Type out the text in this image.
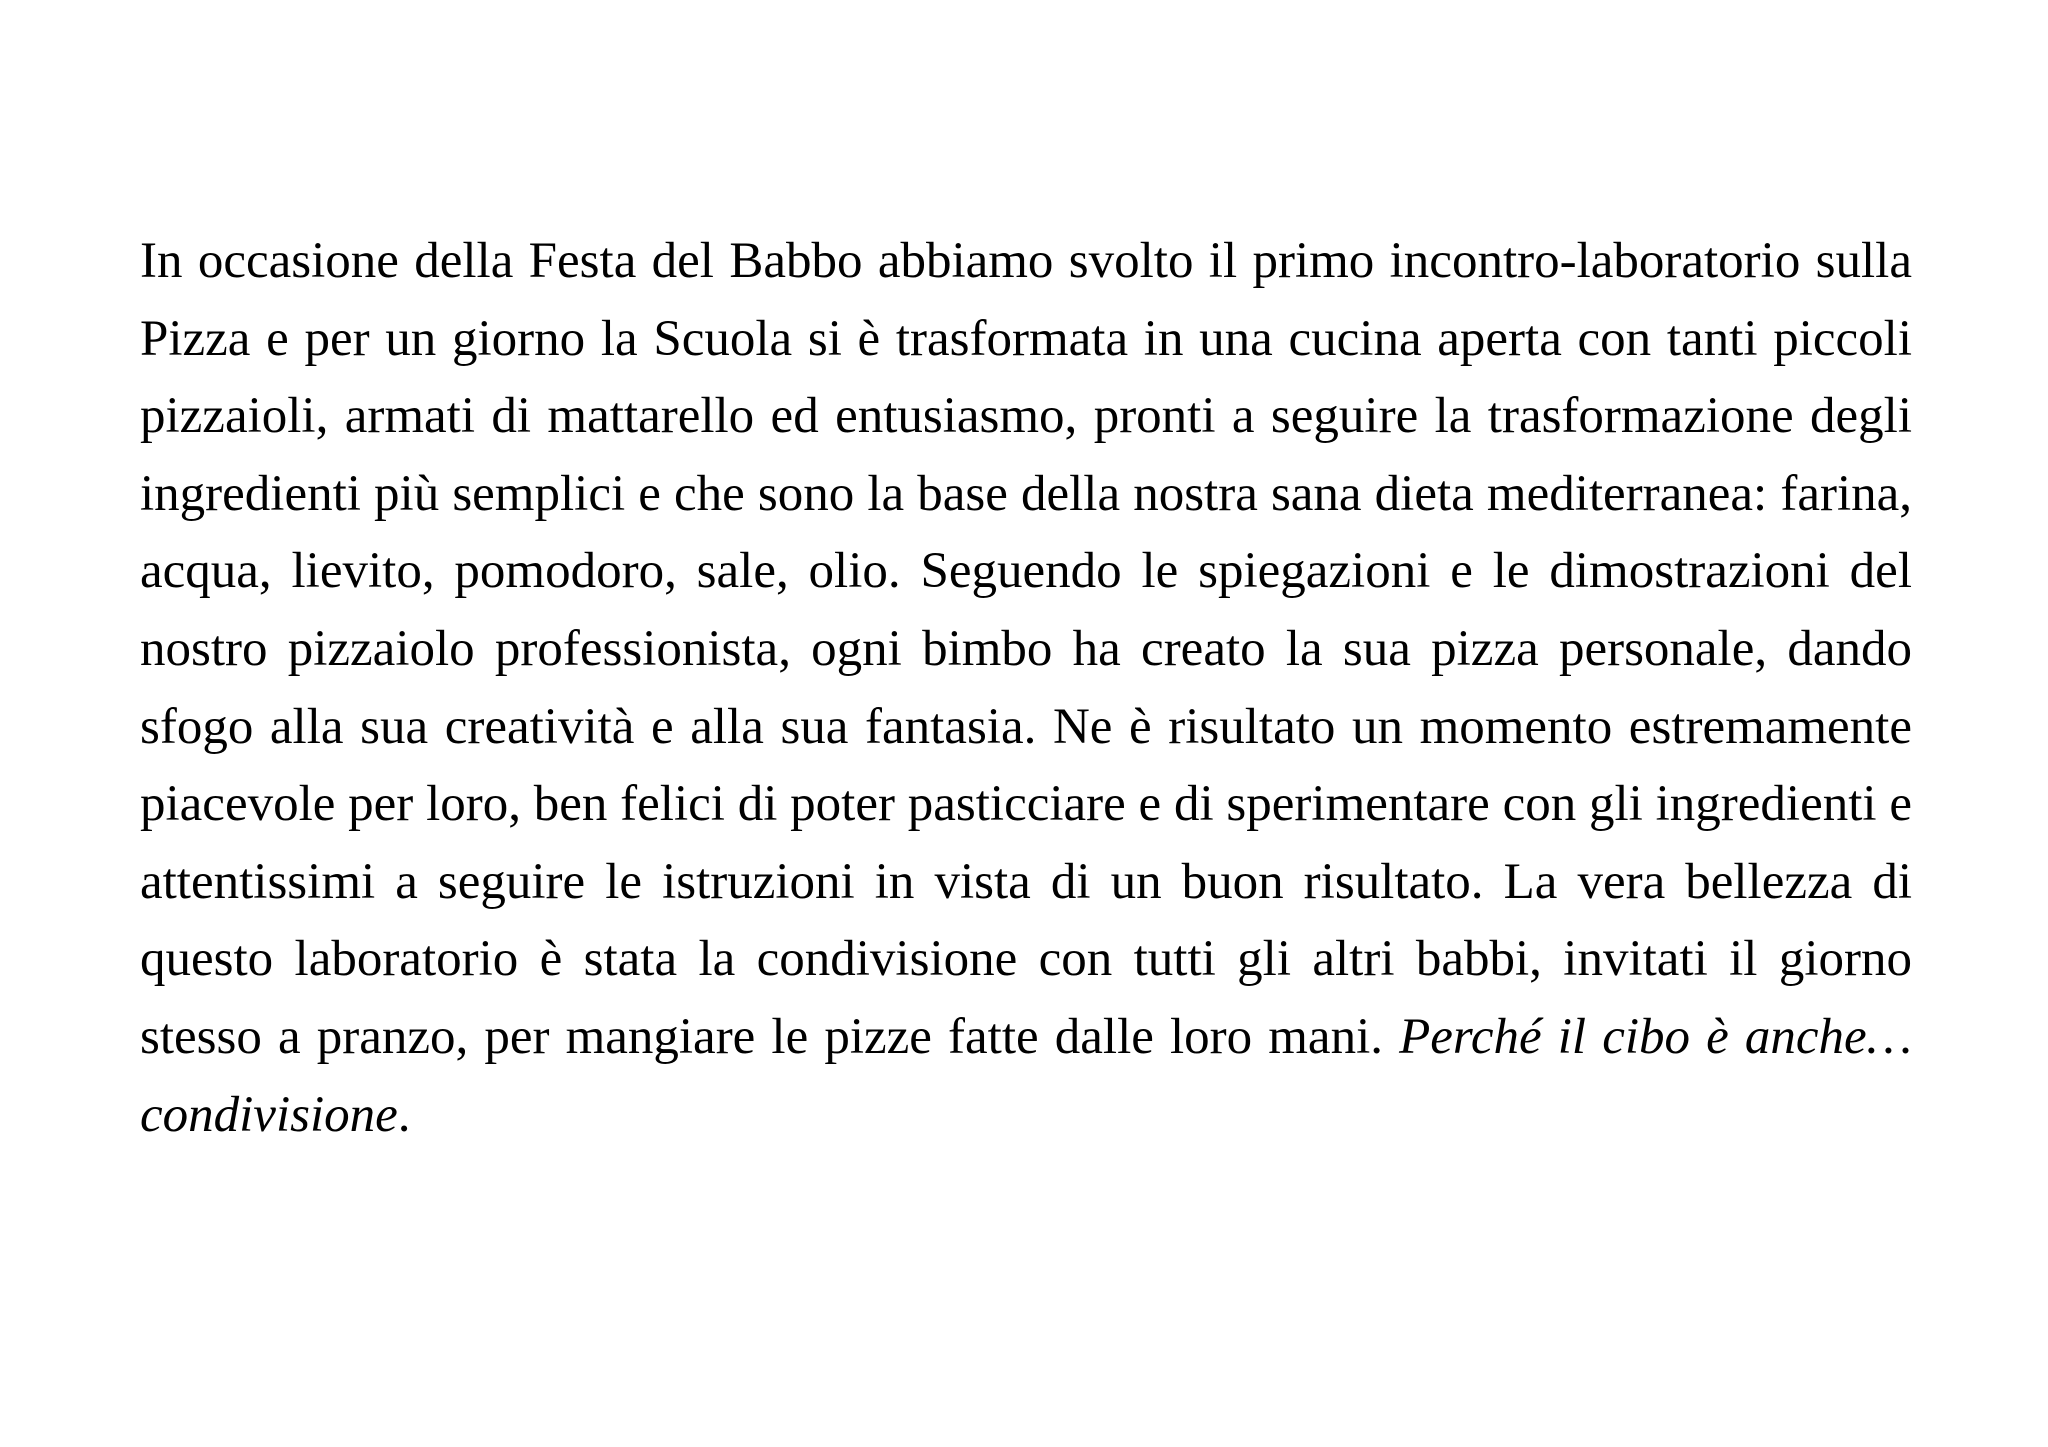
In occasione della Festa del Babbo abbiamo svolto il primo incontro-laboratorio sulla Pizza e per un giorno la Scuola si è trasformata in una cucina aperta con tanti piccoli pizzaioli, armati di mattarello ed entusiasmo, pronti a seguire la trasformazione degli ingredienti più semplici e che sono la base della nostra sana dieta mediterranea: farina, acqua, lievito, pomodoro, sale, olio. Seguendo le spiegazioni e le dimostrazioni del nostro pizzaiolo professionista, ogni bimbo ha creato la sua pizza personale, dando sfogo alla sua creatività e alla sua fantasia. Ne è risultato un momento estremamente piacevole per loro, ben felici di poter pasticciare e di sperimentare con gli ingredienti e attentissimi a seguire le istruzioni in vista di un buon risultato. La vera bellezza di questo laboratorio è stata la condivisione con tutti gli altri babbi, invitati il giorno stesso a pranzo, per mangiare le pizze fatte dalle loro mani. Perché il cibo è anche… condivisione.
